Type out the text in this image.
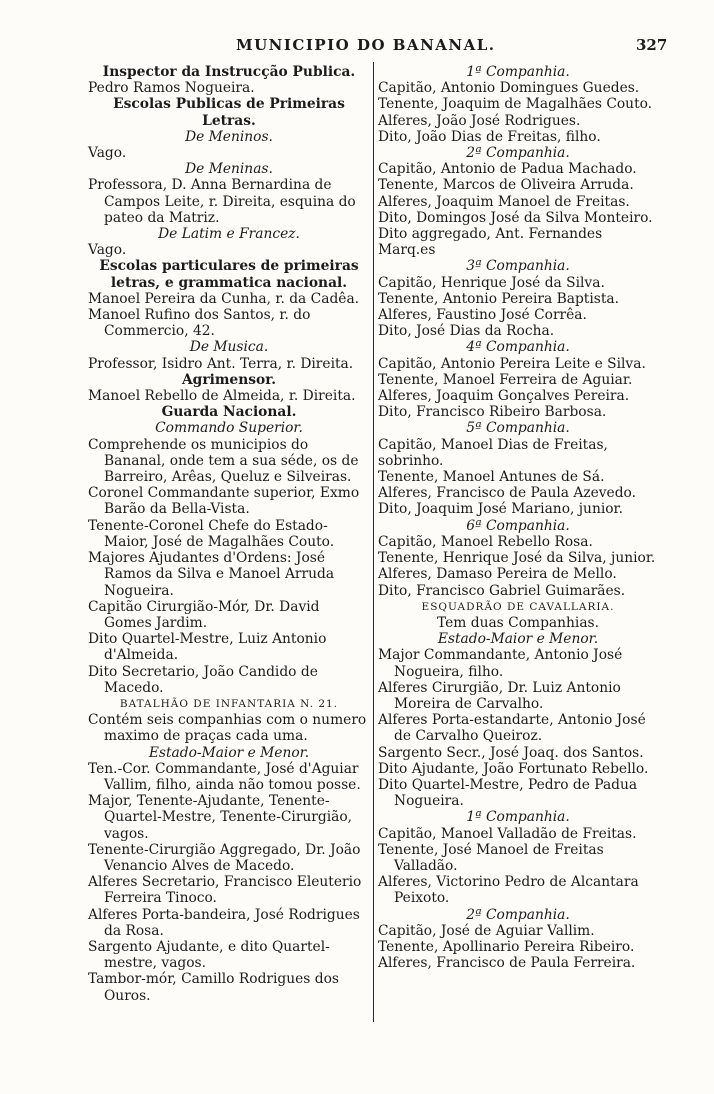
MUNICIPIO DO BANANAL.	327
Inspector da Instrucção Publica.
Pedro Ramos Nogueira.
Escolas Publicas de Primeiras Letras.
De Meninos.
Vago.
De Meninas.
Professora, D. Anna Bernardina de Campos Leite, r. Direita, esquina do pateo da Matriz.
De Latim e Francez.
Vago.
Escolas particulares de primeiras letras, e grammatica nacional.
Manoel Pereira da Cunha, r. da Cadêa.
Manoel Rufino dos Santos, r. do Commercio, 42.
De Musica.
Professor, Isidro Ant. Terra, r. Direita.
Agrimensor.
Manoel Rebello de Almeida, r. Direita.
Guarda Nacional.
Commando Superior.
Comprehende os municipios do Bananal, onde tem a sua séde, os de Barreiro, Arêas, Queluz e Silveiras.
Coronel Commandante superior, Exmo Barão da Bella-Vista.
Tenente-Coronel Chefe do Estado-Maior, José de Magalhães Couto.
Majores Ajudantes d'Ordens: José Ramos da Silva e Manoel Arruda Nogueira.
Capitão Cirurgião-Mór, Dr. David Gomes Jardim.
Dito Quartel-Mestre, Luiz Antonio d'Almeida.
Dito Secretario, João Candido de Macedo.
BATALHÃO DE INFANTARIA N. 21.
Contém seis companhias com o numero maximo de praças cada uma.
Estado-Maior e Menor.
Ten.-Cor. Commandante, José d'Aguiar Vallim, filho, ainda não tomou posse.
Major, Tenente-Ajudante, Tenente-Quartel-Mestre, Tenente-Cirurgião, vagos.
Tenente-Cirurgião Aggregado, Dr. João Venancio Alves de Macedo.
Alferes Secretario, Francisco Eleuterio Ferreira Tinoco.
Alferes Porta-bandeira, José Rodrigues da Rosa.
Sargento Ajudante, e dito Quartel-mestre, vagos.
Tambor-mór, Camillo Rodrigues dos Ouros.
1ª Companhia.
Capitão, Antonio Domingues Guedes.
Tenente, Joaquim de Magalhães Couto.
Alferes, João José Rodrigues.
Dito, João Dias de Freitas, filho.
2ª Companhia.
Capitão, Antonio de Padua Machado.
Tenente, Marcos de Oliveira Arruda.
Alferes, Joaquim Manoel de Freitas.
Dito, Domingos José da Silva Monteiro.
Dito aggregado, Ant. Fernandes Marq.es
3ª Companhia.
Capitão, Henrique José da Silva.
Tenente, Antonio Pereira Baptista.
Alferes, Faustino José Corrêa.
Dito, José Dias da Rocha.
4ª Companhia.
Capitão, Antonio Pereira Leite e Silva.
Tenente, Manoel Ferreira de Aguiar.
Alferes, Joaquim Gonçalves Pereira.
Dito, Francisco Ribeiro Barbosa.
5ª Companhia.
Capitão, Manoel Dias de Freitas, sobrinho.
Tenente, Manoel Antunes de Sá.
Alferes, Francisco de Paula Azevedo.
Dito, Joaquim José Mariano, junior.
6ª Companhia.
Capitão, Manoel Rebello Rosa.
Tenente, Henrique José da Silva, junior.
Alferes, Damaso Pereira de Mello.
Dito, Francisco Gabriel Guimarães.
ESQUADRÃO DE CAVALLARIA.
Tem duas Companhias.
Estado-Maior e Menor.
Major Commandante, Antonio José Nogueira, filho.
Alferes Cirurgião, Dr. Luiz Antonio Moreira de Carvalho.
Alferes Porta-estandarte, Antonio José de Carvalho Queiroz.
Sargento Secr., José Joaq. dos Santos.
Dito Ajudante, João Fortunato Rebello.
Dito Quartel-Mestre, Pedro de Padua Nogueira.
1ª Companhia.
Capitão, Manoel Valladão de Freitas.
Tenente, José Manoel de Freitas Valladão.
Alferes, Victorino Pedro de Alcantara Peixoto.
2ª Companhia.
Capitão, José de Aguiar Vallim.
Tenente, Apollinario Pereira Ribeiro.
Alferes, Francisco de Paula Ferreira.
